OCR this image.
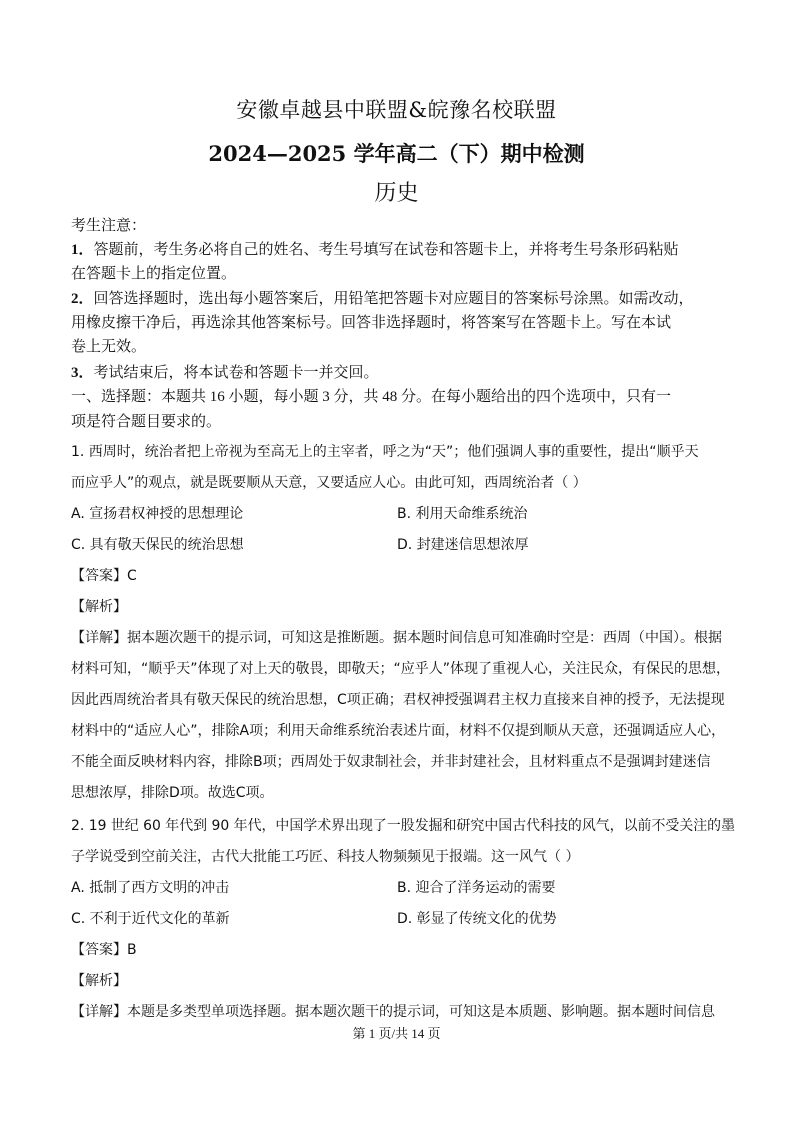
安徽卓越县中联盟&皖豫名校联盟
2024—2025 学年高二（下）期中检测
历史
考生注意：
1．答题前，考生务必将自己的姓名、考生号填写在试卷和答题卡上，并将考生号条形码粘贴
在答题卡上的指定位置。
2．回答选择题时，选出每小题答案后，用铅笔把答题卡对应题目的答案标号涂黑。如需改动，
用橡皮擦干净后，再选涂其他答案标号。回答非选择题时，将答案写在答题卡上。写在本试
卷上无效。
3．考试结束后，将本试卷和答题卡一并交回。
一、选择题：本题共 16 小题，每小题 3 分，共 48 分。在每小题给出的四个选项中，只有一
项是符合题目要求的。
1. 西周时，统治者把上帝视为至高无上的主宰者，呼之为“天”；他们强调人事的重要性，提出“顺乎天
而应乎人”的观点，就是既要顺从天意，又要适应人心。由此可知，西周统治者（ ）
A. 宣扬君权神授的思想理论	B. 利用天命维系统治
C. 具有敬天保民的统治思想	D. 封建迷信思想浓厚
【答案】C
【解析】
【详解】据本题次题干的提示词，可知这是推断题。据本题时间信息可知准确时空是：西周（中国）。根据
材料可知，“顺乎天”体现了对上天的敬畏，即敬天；“应乎人”体现了重视人心，关注民众，有保民的思想，
因此西周统治者具有敬天保民的统治思想，C项正确；君权神授强调君主权力直接来自神的授予，无法提现
材料中的“适应人心”，排除A项；利用天命维系统治表述片面，材料不仅提到顺从天意，还强调适应人心，
不能全面反映材料内容，排除B项；西周处于奴隶制社会，并非封建社会，且材料重点不是强调封建迷信
思想浓厚，排除D项。故选C项。
2. 19 世纪 60 年代到 90 年代，中国学术界出现了一股发掘和研究中国古代科技的风气，以前不受关注的墨
子学说受到空前关注，古代大批能工巧匠、科技人物频频见于报端。这一风气（ ）
A. 抵制了西方文明的冲击	B. 迎合了洋务运动的需要
C. 不利于近代文化的革新	D. 彰显了传统文化的优势
【答案】B
【解析】
【详解】本题是多类型单项选择题。据本题次题干的提示词，可知这是本质题、影响题。据本题时间信息
第 1 页/共 14 页
